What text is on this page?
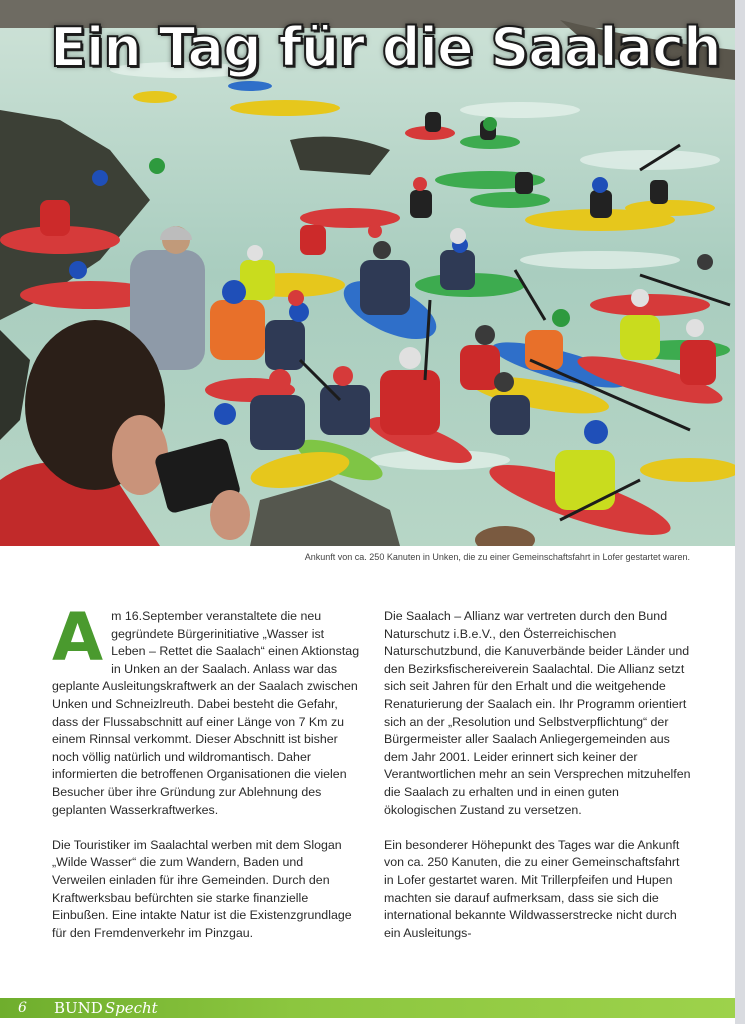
Ein Tag für die Saalach
Ankunft von ca. 250 Kanuten in Unken, die zu einer Gemeinschaftsfahrt in Lofer gestartet waren.

Am 16.September veranstaltete die neu gegründete Bürgerinitiative „Wasser ist Leben – Rettet die Saalach“ einen Aktionstag in Unken an der Saalach. Anlass war das geplante Ausleitungskraftwerk an der Saalach zwischen Unken und Schneizlreuth. Dabei besteht die Gefahr, dass der Flussabschnitt auf einer Länge von 7 Km zu einem Rinnsal verkommt. Dieser Abschnitt ist bisher noch völlig natürlich und wildromantisch. Daher informierten die betroffenen Organisationen die vielen Besucher über ihre Gründung zur Ablehnung des geplanten Wasserkraftwerkes.

Die Touristiker im Saalachtal werben mit dem Slogan „Wilde Wasser“ die zum Wandern, Baden und Verweilen einladen für ihre Gemeinden. Durch den Kraftwerksbau befürchten sie starke finanzielle Einbußen. Eine intakte Natur ist die Existenzgrundlage für den Fremdenverkehr im Pinzgau.

Die Saalach – Allianz war vertreten durch den Bund Naturschutz i.B.e.V., den Österreichischen Naturschutzbund, die Kanuverbände beider Länder und den Bezirksfischereiverein Saalachtal. Die Allianz setzt sich seit Jahren für den Erhalt und die weitgehende Renaturierung der Saalach ein. Ihr Programm orientiert sich an der „Resolution und Selbstverpflichtung“ der Bürgermeister aller Saalach Anliegergemeinden aus dem Jahr 2001. Leider erinnert sich keiner der Verantwortlichen mehr an sein Versprechen mitzuhelfen die Saalach zu erhalten und in einen guten ökologischen Zustand zu versetzen.

Ein besonderer Höhepunkt des Tages war die Ankunft von ca. 250 Kanuten, die zu einer Gemeinschaftsfahrt in Lofer gestartet waren. Mit Trillerpfeifen und Hupen machten sie darauf aufmerksam, dass sie sich die international bekannte Wildwasserstrecke nicht durch ein Ausleitungs-

6 BUND Specht
